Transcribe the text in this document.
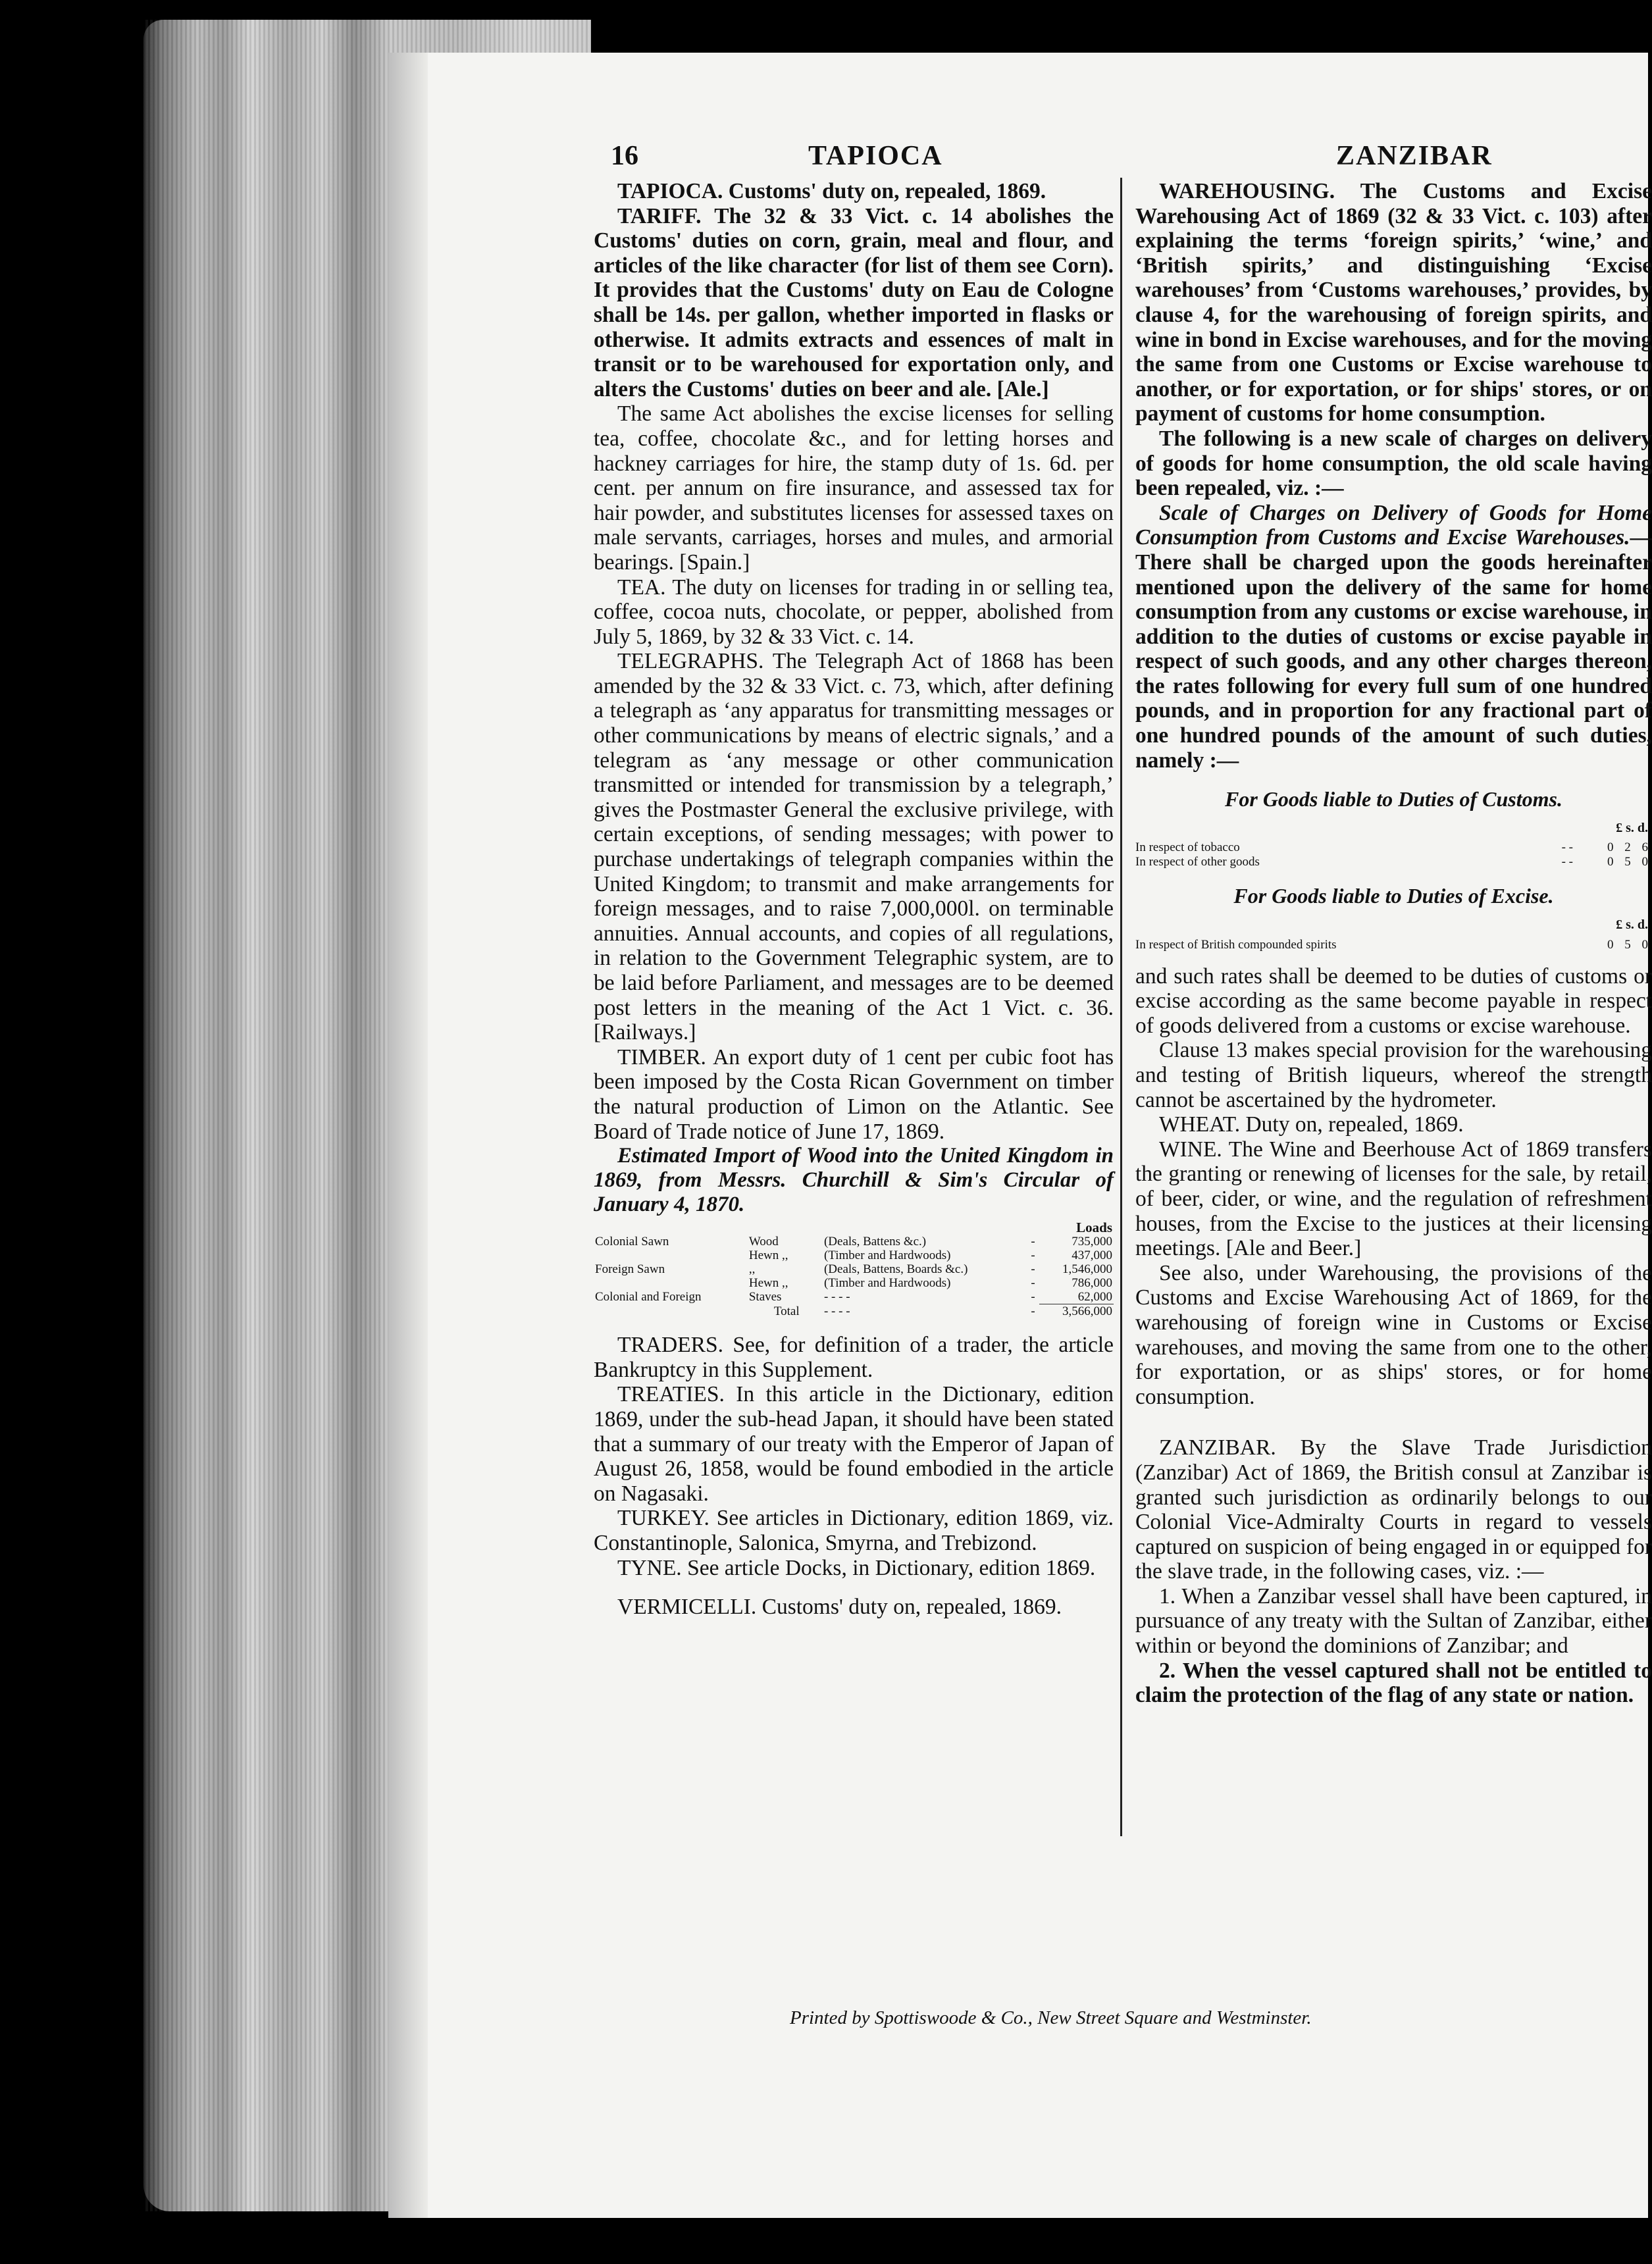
16	TAPIOCA	ZANZIBAR

TAPIOCA. Customs' duty on, repealed, 1869.

TARIFF. The 32 & 33 Vict. c. 14 abolishes the Customs' duties on corn, grain, meal and flour, and articles of the like character (for list of them see Corn). It provides that the Customs' duty on Eau de Cologne shall be 14s. per gallon, whether imported in flasks or otherwise. It admits extracts and essences of malt in transit or to be warehoused for exportation only, and alters the Customs' duties on beer and ale. [Ale.]

The same Act abolishes the excise licenses for selling tea, coffee, chocolate &c., and for letting horses and hackney carriages for hire, the stamp duty of 1s. 6d. per cent. per annum on fire insurance, and assessed tax for hair powder, and substitutes licenses for assessed taxes on male servants, carriages, horses and mules, and armorial bearings. [Spain.]

TEA. The duty on licenses for trading in or selling tea, coffee, cocoa nuts, chocolate, or pepper, abolished from July 5, 1869, by 32 & 33 Vict. c. 14.

TELEGRAPHS. The Telegraph Act of 1868 has been amended by the 32 & 33 Vict. c. 73, which, after defining a telegraph as ‘any apparatus for transmitting messages or other communications by means of electric signals,’ and a telegram as ‘any message or other communication transmitted or intended for transmission by a telegraph,’ gives the Postmaster General the exclusive privilege, with certain exceptions, of sending messages; with power to purchase undertakings of telegraph companies within the United Kingdom; to transmit and make arrangements for foreign messages, and to raise 7,000,000l. on terminable annuities. Annual accounts, and copies of all regulations, in relation to the Government Telegraphic system, are to be laid before Parliament, and messages are to be deemed post letters in the meaning of the Act 1 Vict. c. 36. [Railways.]

TIMBER. An export duty of 1 cent per cubic foot has been imposed by the Costa Rican Government on timber the natural production of Limon on the Atlantic. See Board of Trade notice of June 17, 1869.

Estimated Import of Wood into the United Kingdom in 1869, from Messrs. Churchill & Sim's Circular of January 4, 1870.

Loads				
Colonial Sawn	Wood	(Deals, Battens &c.)	-	735,000
	Hewn ,,	(Timber and Hardwoods)	-	437,000
Foreign Sawn	,,	(Deals, Battens, Boards &c.)	-	1,546,000
	Hewn ,,	(Timber and Hardwoods)	-	786,000
Colonial and Foreign	Staves	- - - -	-	62,000
	Total	- - - -	-	3,566,000

TRADERS. See, for definition of a trader, the article Bankruptcy in this Supplement.

TREATIES. In this article in the Dictionary, edition 1869, under the sub-head Japan, it should have been stated that a summary of our treaty with the Emperor of Japan of August 26, 1858, would be found embodied in the article on Nagasaki.

TURKEY. See articles in Dictionary, edition 1869, viz. Constantinople, Salonica, Smyrna, and Trebizond.

TYNE. See article Docks, in Dictionary, edition 1869.

VERMICELLI. Customs' duty on, repealed, 1869.

WAREHOUSING. The Customs and Excise Warehousing Act of 1869 (32 & 33 Vict. c. 103) after explaining the terms ‘foreign spirits,’ ‘wine,’ and ‘British spirits,’ and distinguishing ‘Excise warehouses’ from ‘Customs warehouses,’ provides, by clause 4, for the warehousing of foreign spirits, and wine in bond in Excise warehouses, and for the moving the same from one Customs or Excise warehouse to another, or for exportation, or for ships' stores, or on payment of customs for home consumption.

The following is a new scale of charges on delivery of goods for home consumption, the old scale having been repealed, viz. :—

Scale of Charges on Delivery of Goods for Home Consumption from Customs and Excise Warehouses.—There shall be charged upon the goods hereinafter mentioned upon the delivery of the same for home consumption from any customs or excise warehouse, in addition to the duties of customs or excise payable in respect of such goods, and any other charges thereon, the rates following for every full sum of one hundred pounds, and in proportion for any fractional part of one hundred pounds of the amount of such duties, namely :—

For Goods liable to Duties of Customs.
£ s. d.
In respect of tobacco	- -	0 2 6
In respect of other goods	- -	0 5 0
For Goods liable to Duties of Excise.
£ s. d.
In respect of British compounded spirits	0 5 0

and such rates shall be deemed to be duties of customs or excise according as the same become payable in respect of goods delivered from a customs or excise warehouse.

Clause 13 makes special provision for the warehousing and testing of British liqueurs, whereof the strength cannot be ascertained by the hydrometer.

WHEAT. Duty on, repealed, 1869.

WINE. The Wine and Beerhouse Act of 1869 transfers the granting or renewing of licenses for the sale, by retail, of beer, cider, or wine, and the regulation of refreshment houses, from the Excise to the justices at their licensing meetings. [Ale and Beer.]

See also, under Warehousing, the provisions of the Customs and Excise Warehousing Act of 1869, for the warehousing of foreign wine in Customs or Excise warehouses, and moving the same from one to the other, for exportation, or as ships' stores, or for home consumption.

ZANZIBAR. By the Slave Trade Jurisdiction (Zanzibar) Act of 1869, the British consul at Zanzibar is granted such jurisdiction as ordinarily belongs to our Colonial Vice-Admiralty Courts in regard to vessels captured on suspicion of being engaged in or equipped for the slave trade, in the following cases, viz. :—

1. When a Zanzibar vessel shall have been captured, in pursuance of any treaty with the Sultan of Zanzibar, either within or beyond the dominions of Zanzibar; and

2. When the vessel captured shall not be entitled to claim the protection of the flag of any state or nation.

Printed by Spottiswoode & Co., New Street Square and Westminster.
